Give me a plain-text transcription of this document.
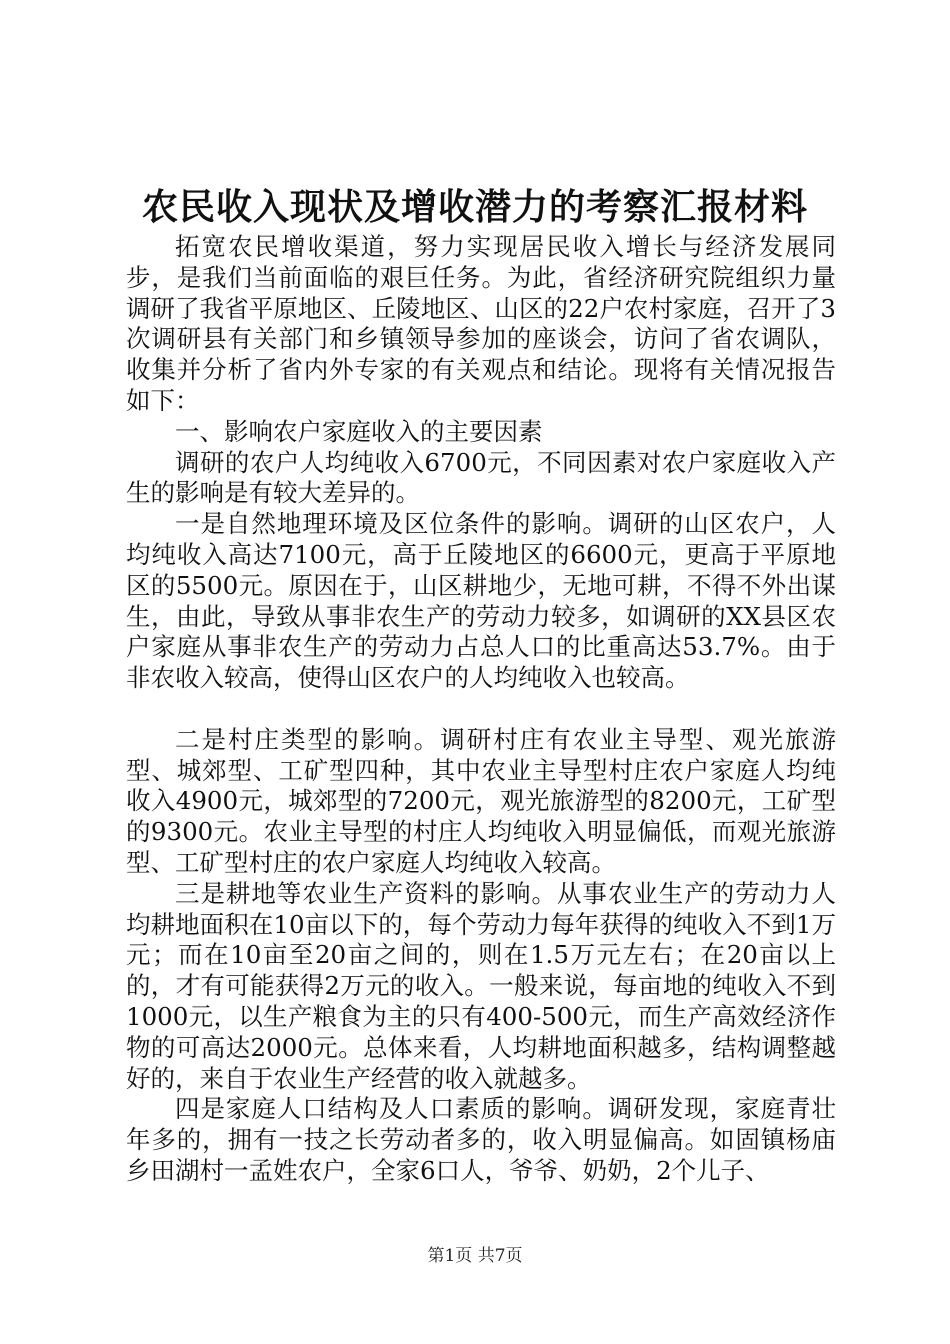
农民收入现状及增收潜力的考察汇报材料

拓宽农民增收渠道，努力实现居民收入增长与经济发展同步，是我们当前面临的艰巨任务。为此，省经济研究院组织力量调研了我省平原地区、丘陵地区、山区的22户农村家庭，召开了3次调研县有关部门和乡镇领导参加的座谈会，访问了省农调队，收集并分析了省内外专家的有关观点和结论。现将有关情况报告如下：

一、影响农户家庭收入的主要因素

调研的农户人均纯收入6700元，不同因素对农户家庭收入产生的影响是有较大差异的。

一是自然地理环境及区位条件的影响。调研的山区农户，人均纯收入高达7100元，高于丘陵地区的6600元，更高于平原地区的5500元。原因在于，山区耕地少，无地可耕，不得不外出谋生，由此，导致从事非农生产的劳动力较多，如调研的XX县区农户家庭从事非农生产的劳动力占总人口的比重高达53.7%。由于非农收入较高，使得山区农户的人均纯收入也较高。

二是村庄类型的影响。调研村庄有农业主导型、观光旅游型、城郊型、工矿型四种，其中农业主导型村庄农户家庭人均纯收入4900元，城郊型的7200元，观光旅游型的8200元，工矿型的9300元。农业主导型的村庄人均纯收入明显偏低，而观光旅游型、工矿型村庄的农户家庭人均纯收入较高。

三是耕地等农业生产资料的影响。从事农业生产的劳动力人均耕地面积在10亩以下的，每个劳动力每年获得的纯收入不到1万元；而在10亩至20亩之间的，则在1.5万元左右；在20亩以上的，才有可能获得2万元的收入。一般来说，每亩地的纯收入不到1000元，以生产粮食为主的只有400-500元，而生产高效经济作物的可高达2000元。总体来看，人均耕地面积越多，结构调整越好的，来自于农业生产经营的收入就越多。

四是家庭人口结构及人口素质的影响。调研发现，家庭青壮年多的，拥有一技之长劳动者多的，收入明显偏高。如固镇杨庙乡田湖村一孟姓农户，全家6口人，爷爷、奶奶，2个儿子、

第1页 共7页
